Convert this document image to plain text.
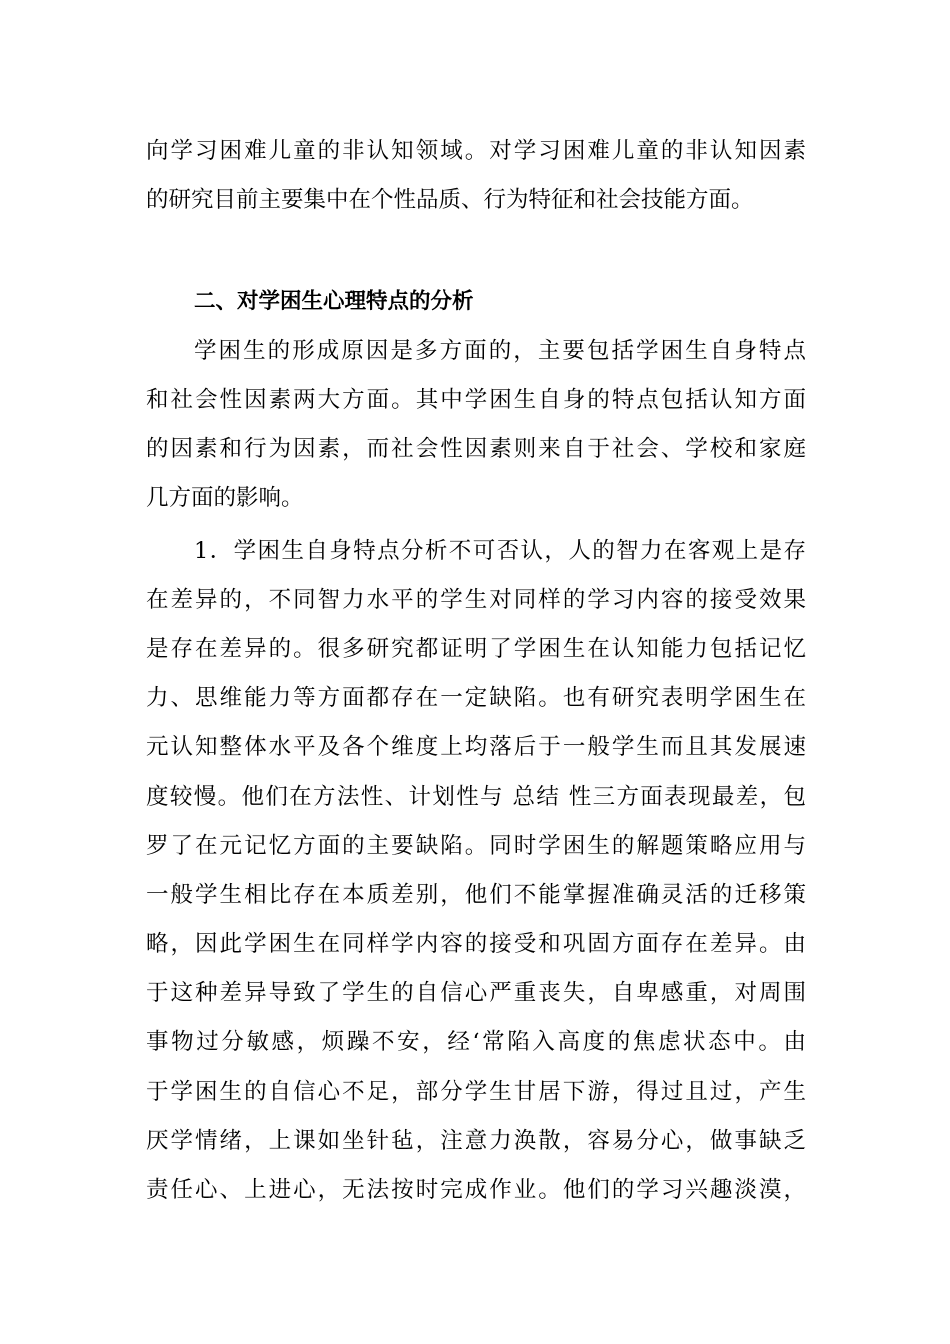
向学习困难儿童的非认知领域。对学习困难儿童的非认知因素
的研究目前主要集中在个性品质、行为特征和社会技能方面。
二、对学困生心理特点的分析
学困生的形成原因是多方面的，主要包括学困生自身特点
和社会性因素两大方面。其中学困生自身的特点包括认知方面
的因素和行为因素，而社会性因素则来自于社会、学校和家庭
几方面的影响。
1．学困生自身特点分析不可否认，人的智力在客观上是存
在差异的，不同智力水平的学生对同样的学习内容的接受效果
是存在差异的。很多研究都证明了学困生在认知能力包括记忆
力、思维能力等方面都存在一定缺陷。也有研究表明学困生在
元认知整体水平及各个维度上均落后于一般学生而且其发展速
度较慢。他们在方法性、计划性与 总结 性三方面表现最差，包
罗了在元记忆方面的主要缺陷。同时学困生的解题策略应用与
一般学生相比存在本质差别，他们不能掌握准确灵活的迁移策
略，因此学困生在同样学内容的接受和巩固方面存在差异。由
于这种差异导致了学生的自信心严重丧失，自卑感重，对周围
事物过分敏感，烦躁不安，经‘常陷入高度的焦虑状态中。由
于学困生的自信心不足，部分学生甘居下游，得过且过，产生
厌学情绪，上课如坐针毡，注意力涣散，容易分心，做事缺乏
责任心、上进心，无法按时完成作业。他们的学习兴趣淡漠，
